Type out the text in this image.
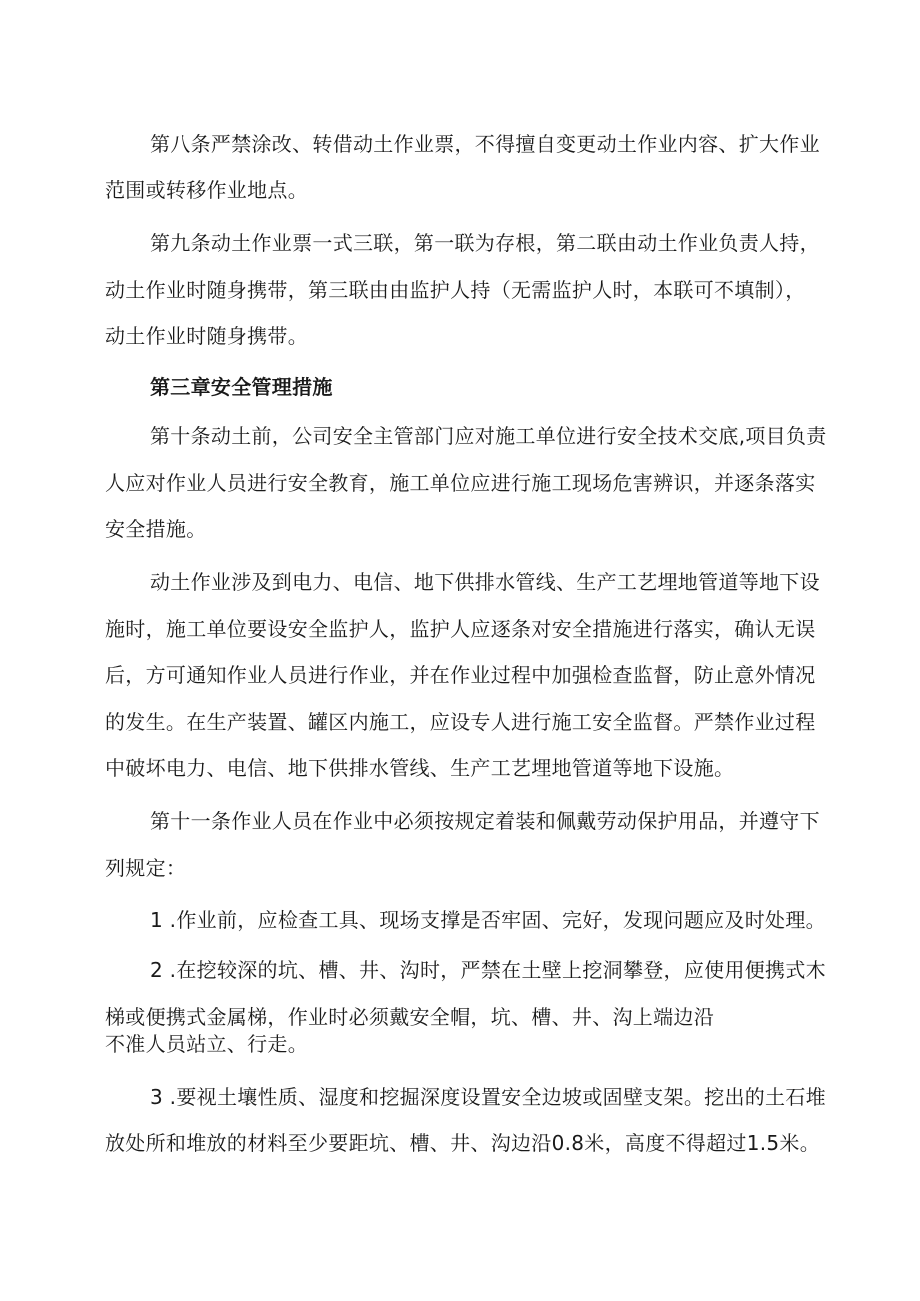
第八条严禁涂改、转借动土作业票，不得擅自变更动土作业内容、扩大作业
范围或转移作业地点。
第九条动土作业票一式三联，第一联为存根，第二联由动土作业负责人持，
动土作业时随身携带，第三联由由监护人持（无需监护人时，本联可不填制），
动土作业时随身携带。
第三章安全管理措施
第十条动土前，公司安全主管部门应对施工单位进行安全技术交底,项目负责
人应对作业人员进行安全教育，施工单位应进行施工现场危害辨识，并逐条落实
安全措施。
动土作业涉及到电力、电信、地下供排水管线、生产工艺埋地管道等地下设
施时，施工单位要设安全监护人，监护人应逐条对安全措施进行落实，确认无误
后，方可通知作业人员进行作业，并在作业过程中加强检查监督，防止意外情况
的发生。在生产装置、罐区内施工，应设专人进行施工安全监督。严禁作业过程
中破坏电力、电信、地下供排水管线、生产工艺埋地管道等地下设施。
第十一条作业人员在作业中必须按规定着装和佩戴劳动保护用品，并遵守下
列规定：
1 .作业前，应检查工具、现场支撑是否牢固、完好，发现问题应及时处理。
2 .在挖较深的坑、槽、井、沟时，严禁在土壁上挖洞攀登，应使用便携式木
梯或便携式金属梯，作业时必须戴安全帽，坑、槽、井、沟上端边沿
不准人员站立、行走。
3 .要视土壤性质、湿度和挖掘深度设置安全边坡或固壁支架。挖出的土石堆
放处所和堆放的材料至少要距坑、槽、井、沟边沿0.8米，高度不得超过1.5米。
